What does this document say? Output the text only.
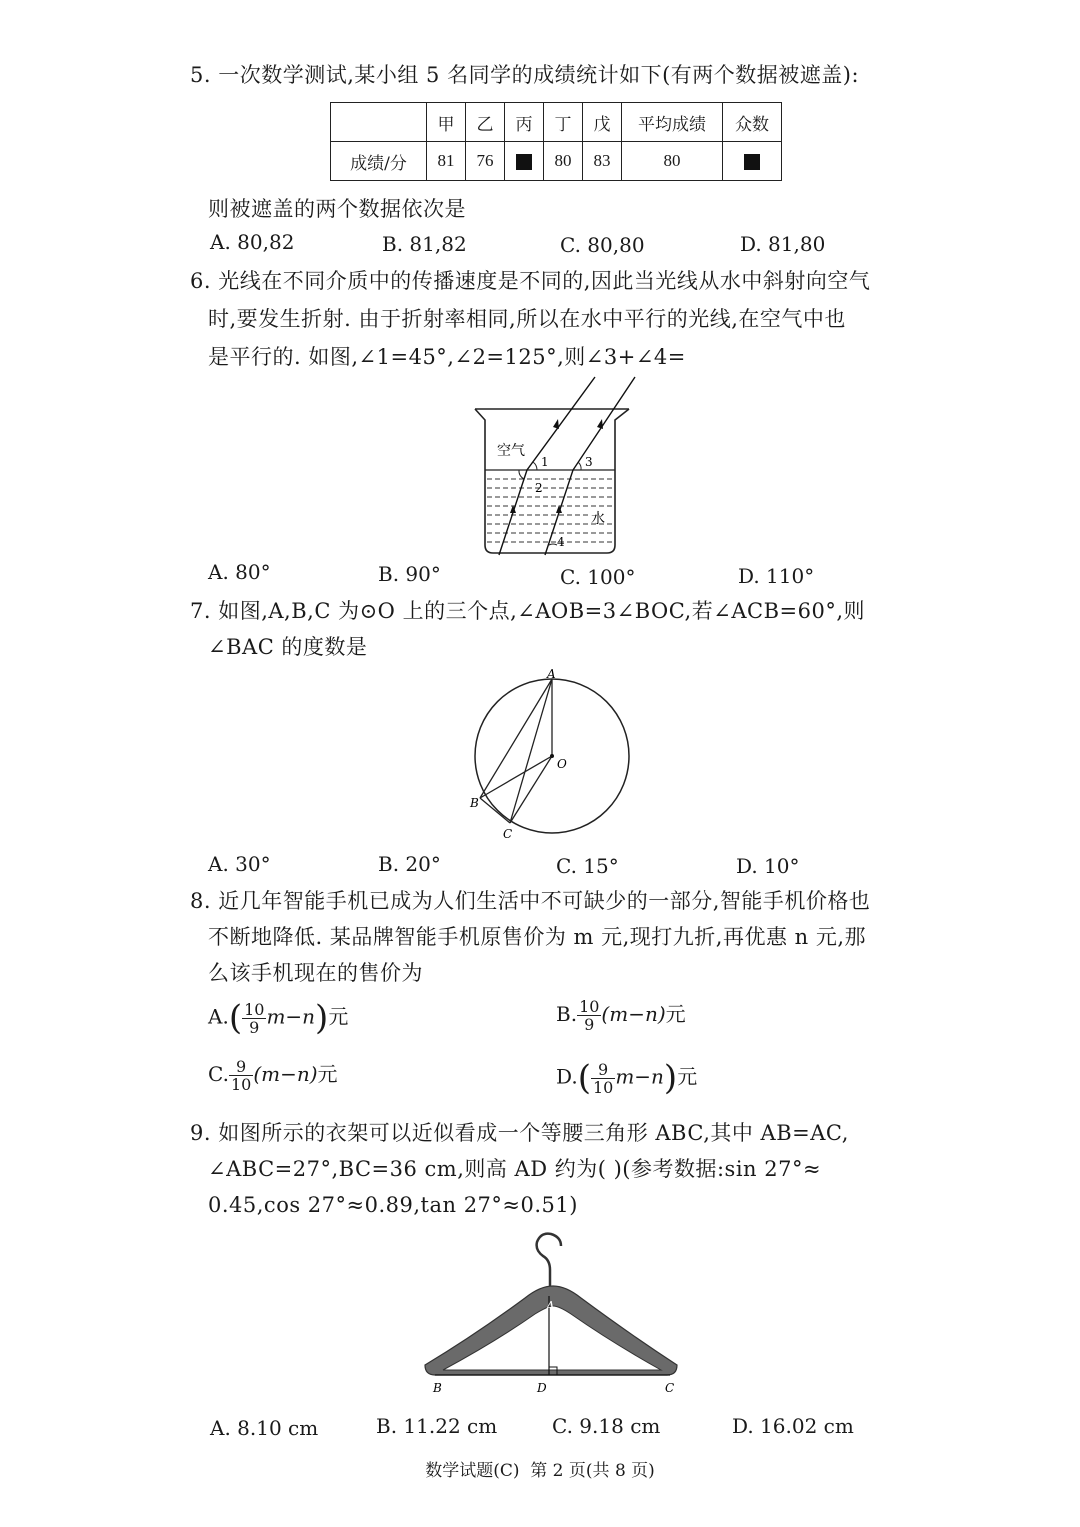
5. 一次数学测试,某小组 5 名同学的成绩统计如下(有两个数据被遮盖):
	甲	乙	丙	丁	戊	平均成绩	众数
成绩/分	81	76		80	83	80	
则被遮盖的两个数据依次是
A. 80,82	B. 81,82	C. 80,80	D. 81,80
6. 光线在不同介质中的传播速度是不同的,因此当光线从水中斜射向空气
时,要发生折射. 由于折射率相同,所以在水中平行的光线,在空气中也
是平行的. 如图,∠1=45°,∠2=125°,则∠3+∠4=
空气
水
1
2
3
4
A. 80°	B. 90°	C. 100°	D. 110°
7. 如图,A,B,C 为⊙O 上的三个点,∠AOB=3∠BOC,若∠ACB=60°,则
∠BAC 的度数是
A
O
B
C
A. 30°	B. 20°	C. 15°	D. 10°
8. 近几年智能手机已成为人们生活中不可缺少的一部分,智能手机价格也
不断地降低. 某品牌智能手机原售价为 m 元,现打九折,再优惠 n 元,那
么该手机现在的售价为
$A.( \frac{10}{9} m-n)$元	B. $\frac{10}{9} (m-n)$元
C. $\frac{9}{10} (m-n)$元	$D.( \frac{9}{10} m-n)$元
9. 如图所示的衣架可以近似看成一个等腰三角形 ABC,其中 AB=AC,
∠ABC=27°,BC=36 cm,则高 AD 约为( )(参考数据:sin 27°≈
0.45,cos 27°≈0.89,tan 27°≈0.51)
A
B	D	C
A. 8.10 cm	B. 11.22 cm	C. 9.18 cm	D. 16.02 cm
数学试题(C)  第 2 页(共 8 页)
